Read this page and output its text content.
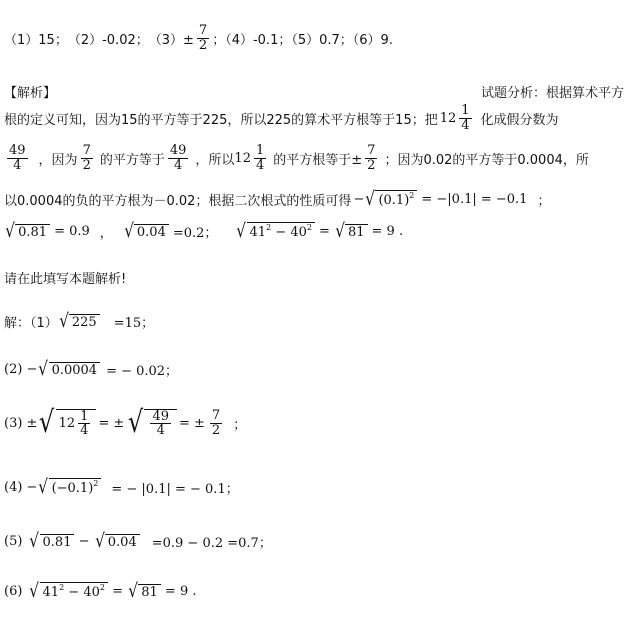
（1）15； （2）-0.02； $(3)\pm \frac{7}{2}$ ；（4）-0.1；（5）0.7；（6）9.
【解析】	试题分析：根据算术平方
根的定义可知，因为15的平方等于225，所以225的算术平方根等于15；把 $12 \frac{1}{4}$ 化成假分数为
$\frac{49}{4}$ ，因为 $\frac{7}{2}$ 的平方等于 $\frac{49}{4}$ ，所以 $12 \frac{1}{4}$ 的平方根等于± $\frac{7}{2}$ ；因为0.02的平方等于0.0004，所
以0.0004的负的平方根为－0.02；根据二次根式的性质可得 − √ $(0.1)^2 = -|0.1| = -0.1$ ；
√ 0.81 = 0.9 ， √ 0.04 =0.2； √ $41^2 - 40^2$ = √ 81 = 9 .
请在此填写本题解析!
解：（1） √ 225 =15；
(2) − √ 0.0004 = − 0.02；
(3) ± √ $12 \frac{1}{4}$ = ± √ $\frac{49}{4}$ = ± $\frac{7}{2}$ ；
(4) − √ $(-0.1)^2$ = − |0.1| = − 0.1；
(5) √ 0.81 − √ 0.04 =0.9 − 0.2 =0.7；
(6) √ $41^2 - 40^2$ = √ 81 = 9 .
